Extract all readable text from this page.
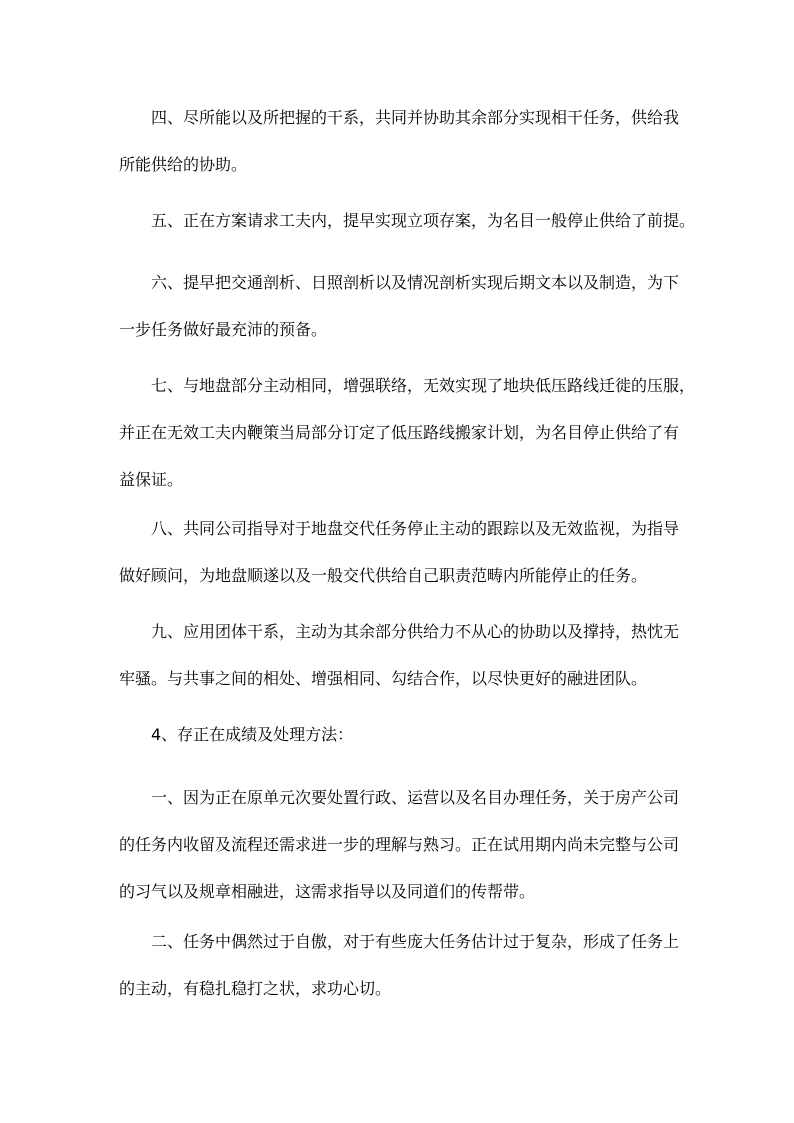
四、尽所能以及所把握的干系，共同并协助其余部分实现相干任务，供给我
所能供给的协助。
五、正在方案请求工夫内，提早实现立项存案，为名目一般停止供给了前提。
六、提早把交通剖析、日照剖析以及情况剖析实现后期文本以及制造，为下
一步任务做好最充沛的预备。
七、与地盘部分主动相同，增强联络，无效实现了地块低压路线迁徙的压服，
并正在无效工夫内鞭策当局部分订定了低压路线搬家计划，为名目停止供给了有
益保证。
八、共同公司指导对于地盘交代任务停止主动的跟踪以及无效监视，为指导
做好顾问，为地盘顺遂以及一般交代供给自己职责范畴内所能停止的任务。
九、应用团体干系，主动为其余部分供给力不从心的协助以及撑持，热忱无
牢骚。与共事之间的相处、增强相同、勾结合作，以尽快更好的融进团队。
4、存正在成绩及处理方法：
一、因为正在原单元次要处置行政、运营以及名目办理任务，关于房产公司
的任务内收留及流程还需求进一步的理解与熟习。正在试用期内尚未完整与公司
的习气以及规章相融进，这需求指导以及同道们的传帮带。
二、任务中偶然过于自傲，对于有些庞大任务估计过于复杂，形成了任务上
的主动，有稳扎稳打之状，求功心切。
